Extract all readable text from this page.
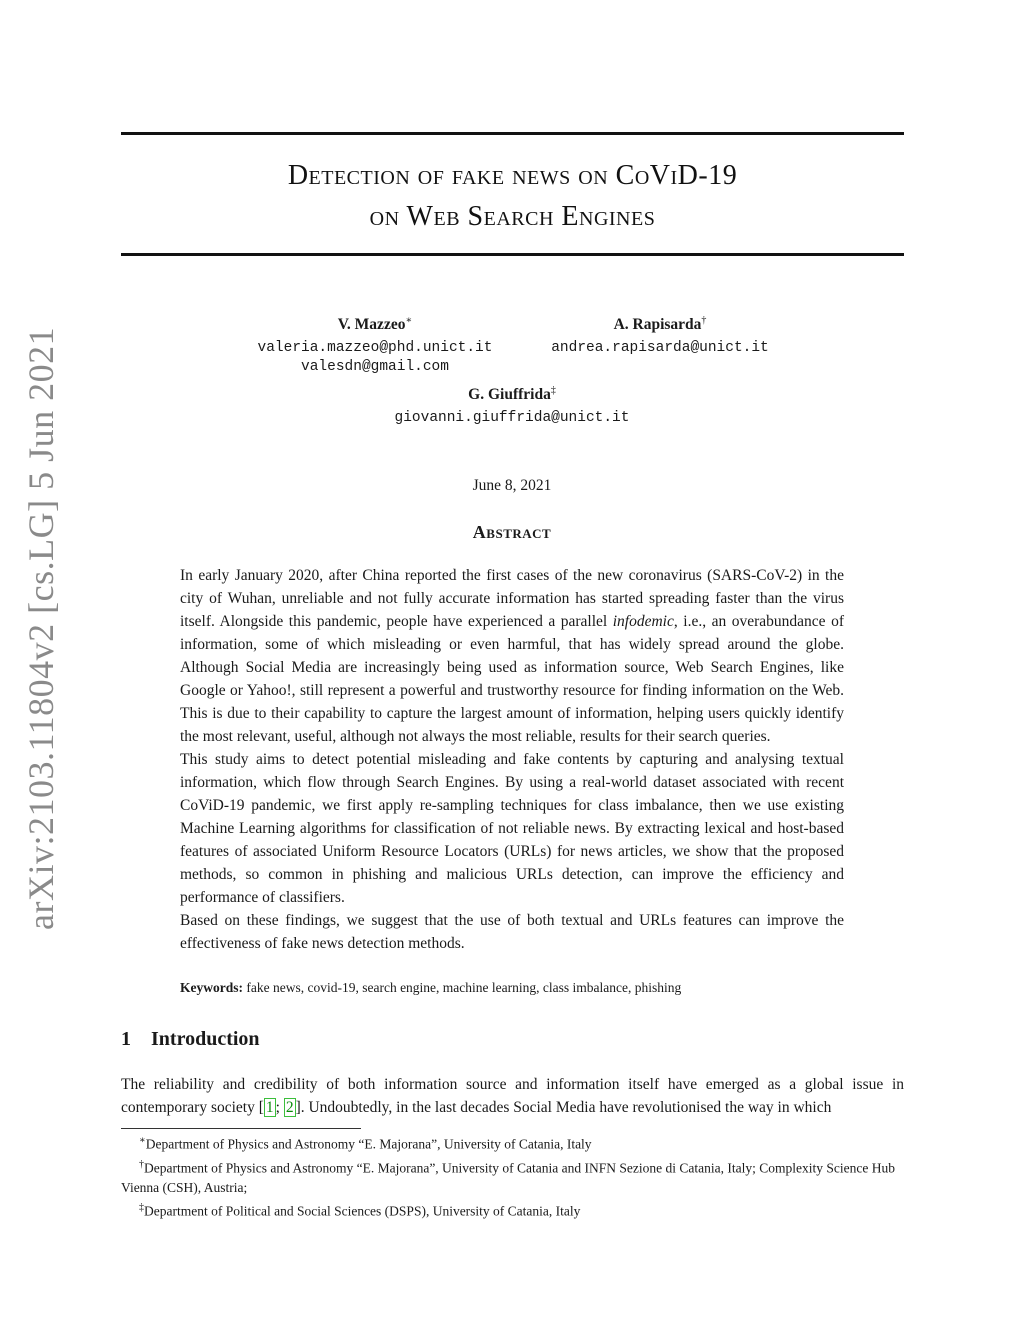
arXiv:2103.11804v2 [cs.LG] 5 Jun 2021
Detection of fake news on CoViD-19
on Web Search Engines
V. Mazzeo∗
valeria.mazzeo@phd.unict.it
valesdn@gmail.com
A. Rapisarda†
andrea.rapisarda@unict.it
G. Giuffrida‡
giovanni.giuffrida@unict.it
June 8, 2021
Abstract

In early January 2020, after China reported the first cases of the new coronavirus (SARS-CoV-2) in the city of Wuhan, unreliable and not fully accurate information has started spreading faster than the virus itself. Alongside this pandemic, people have experienced a parallel infodemic, i.e., an overabundance of information, some of which misleading or even harmful, that has widely spread around the globe. Although Social Media are increasingly being used as information source, Web Search Engines, like Google or Yahoo!, still represent a powerful and trustworthy resource for finding information on the Web. This is due to their capability to capture the largest amount of information, helping users quickly identify the most relevant, useful, although not always the most reliable, results for their search queries.

This study aims to detect potential misleading and fake contents by capturing and analysing textual information, which flow through Search Engines. By using a real-world dataset associated with recent CoViD-19 pandemic, we first apply re-sampling techniques for class imbalance, then we use existing Machine Learning algorithms for classification of not reliable news. By extracting lexical and host-based features of associated Uniform Resource Locators (URLs) for news articles, we show that the proposed methods, so common in phishing and malicious URLs detection, can improve the efficiency and performance of classifiers.

Based on these findings, we suggest that the use of both textual and URLs features can improve the effectiveness of fake news detection methods.

Keywords: fake news, covid-19, search engine, machine learning, class imbalance, phishing
1 Introduction
The reliability and credibility of both information source and information itself have emerged as a global issue in contemporary society [ 1 ; 2 ]. Undoubtedly, in the last decades Social Media have revolutionised the way in which

∗Department of Physics and Astronomy “E. Majorana”, University of Catania, Italy

†Department of Physics and Astronomy “E. Majorana”, University of Catania and INFN Sezione di Catania, Italy; Complexity Science Hub Vienna (CSH), Austria;

‡Department of Political and Social Sciences (DSPS), University of Catania, Italy
